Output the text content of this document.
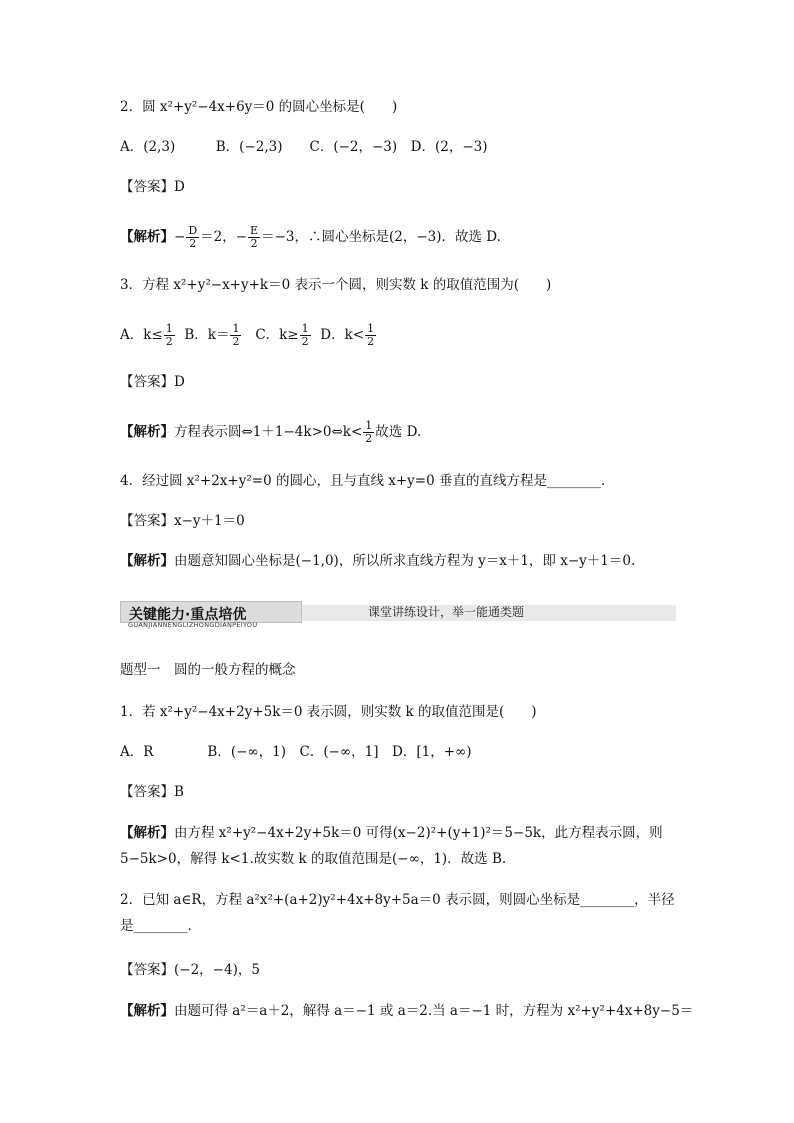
2．圆 x²+y²−4x+6y＝0 的圆心坐标是(　　)
A．(2,3)　　　B．(−2,3)　　C．(−2，−3)　D．(2，−3)
【答案】D
【解析】− $\frac{D}{2} =2$，− $\frac{E}{2} =-3$，∴圆心坐标是(2，−3)．故选 D.
3．方程 x²+y²−x+y+k＝0 表示一个圆，则实数 k 的取值范围为(　　)
A．$k\le \frac{1}{2}$ B．$k= \frac{1}{2}$ C．$k\ge \frac{1}{2}$ D．$k< \frac{1}{2}$
【答案】D
【解析】方程表示圆⇔1＋1−4k>0⇔k< $\frac{1}{2}$ 故选 D.
4．经过圆 x²+2x+y²=0 的圆心，且与直线 x+y=0 垂直的直线方程是________．
【答案】x−y＋1＝0
【解析】由题意知圆心坐标是(−1,0)，所以所求直线方程为 y＝x＋1，即 x−y＋1＝0.
关键能力·重点培优
GUANJIANNENGLIZHONGDIANPEIYOU
课堂讲练设计，举一能通类题
题型一　圆的一般方程的概念
1．若 x²+y²−4x+2y+5k＝0 表示圆，则实数 k 的取值范围是(　　)
A．R　　　　B．(−∞，1)　C．(−∞，1]　D．[1，+∞)
【答案】B
【解析】由方程 x²+y²−4x+2y+5k＝0 可得(x−2)²+(y+1)²＝5−5k，此方程表示圆，则 5−5k>0，解得 k<1.故实数 k 的取值范围是(−∞，1)．故选 B.
2．已知 a∈R，方程 a²x²+(a+2)y²+4x+8y+5a＝0 表示圆，则圆心坐标是________，半径是________．
【答案】(−2，−4)，5
【解析】由题可得 a²＝a＋2，解得 a＝−1 或 a＝2.当 a＝−1 时，方程为 x²+y²+4x+8y−5＝
